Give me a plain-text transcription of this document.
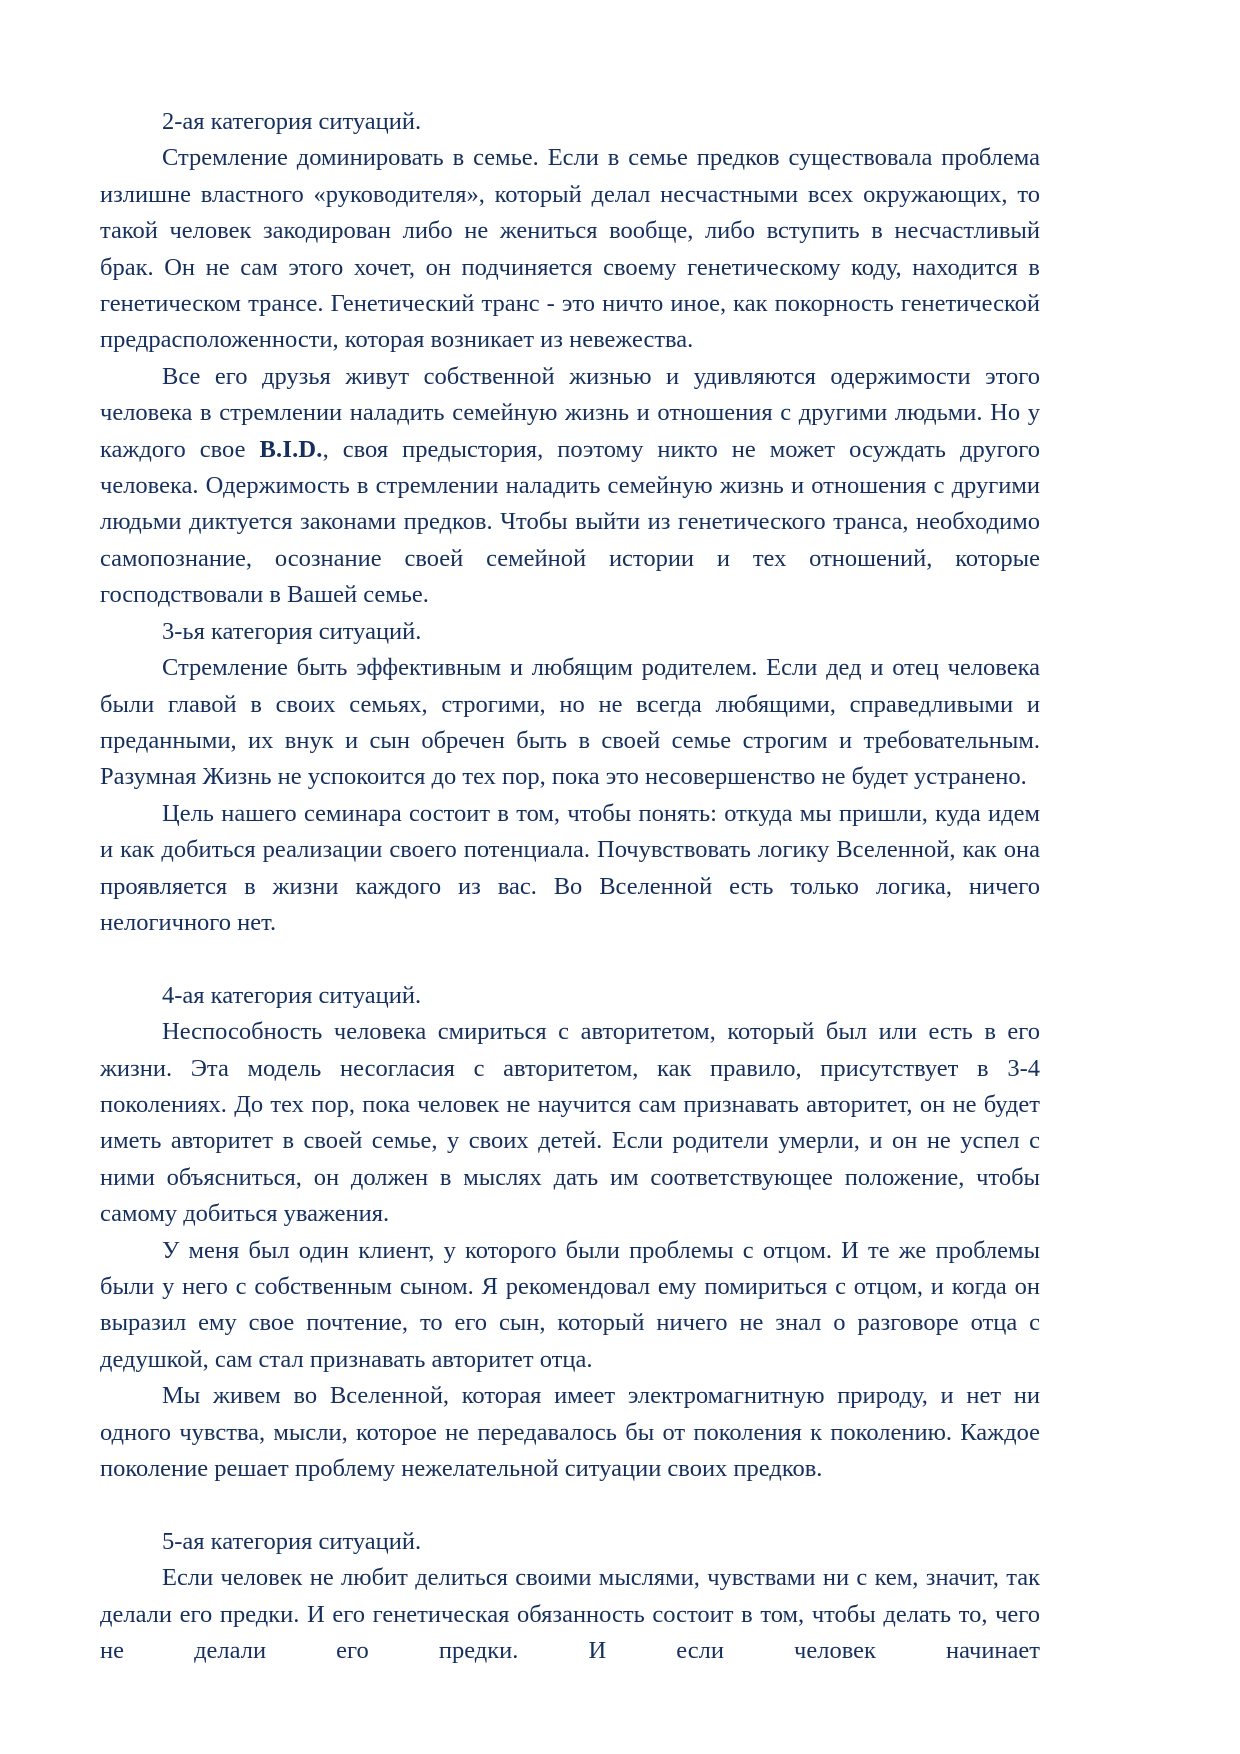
2-ая категория ситуаций.

Стремление доминировать в семье. Если в семье предков существовала проблема излишне властного «руководителя», который делал несчастными всех окружающих, то такой человек закодирован либо не жениться вообще, либо вступить в несчастливый брак. Он не сам этого хочет, он подчиняется своему генетическому коду, находится в генетическом трансе. Генетический транс - это ничто иное, как покорность генетической предрасположенности, которая возникает из невежества.

Все его друзья живут собственной жизнью и удивляются одержимости этого человека в стремлении наладить семейную жизнь и отношения с другими людьми. Но у каждого свое B.I.D., своя предыстория, поэтому никто не может осуждать другого человека. Одержимость в стремлении наладить семейную жизнь и отношения с другими людьми диктуется законами предков. Чтобы выйти из генетического транса, необходимо самопознание, осознание своей семейной истории и тех отношений, которые господствовали в Вашей семье.

3-ья категория ситуаций.

Стремление быть эффективным и любящим родителем. Если дед и отец человека были главой в своих семьях, строгими, но не всегда любящими, справедливыми и преданными, их внук и сын обречен быть в своей семье строгим и требовательным. Разумная Жизнь не успокоится до тех пор, пока это несовершенство не будет устранено.

Цель нашего семинара состоит в том, чтобы понять: откуда мы пришли, куда идем и как добиться реализации своего потенциала. Почувствовать логику Вселенной, как она проявляется в жизни каждого из вас. Во Вселенной есть только логика, ничего нелогичного нет.

4-ая категория ситуаций.

Неспособность человека смириться с авторитетом, который был или есть в его жизни. Эта модель несогласия с авторитетом, как правило, присутствует в 3-4 поколениях. До тех пор, пока человек не научится сам признавать авторитет, он не будет иметь авторитет в своей семье, у своих детей. Если родители умерли, и он не успел с ними объясниться, он должен в мыслях дать им соответствующее положение, чтобы самому добиться уважения.

У меня был один клиент, у которого были проблемы с отцом. И те же проблемы были у него с собственным сыном. Я рекомендовал ему помириться с отцом, и когда он выразил ему свое почтение, то его сын, который ничего не знал о разговоре отца с дедушкой, сам стал признавать авторитет отца.

Мы живем во Вселенной, которая имеет электромагнитную природу, и нет ни одного чувства, мысли, которое не передавалось бы от поколения к поколению. Каждое поколение решает проблему нежелательной ситуации своих предков.

5-ая категория ситуаций.

Если человек не любит делиться своими мыслями, чувствами ни с кем, значит, так делали его предки. И его генетическая обязанность состоит в том, чтобы делать то, чего не делали его предки. И если человек начинает
